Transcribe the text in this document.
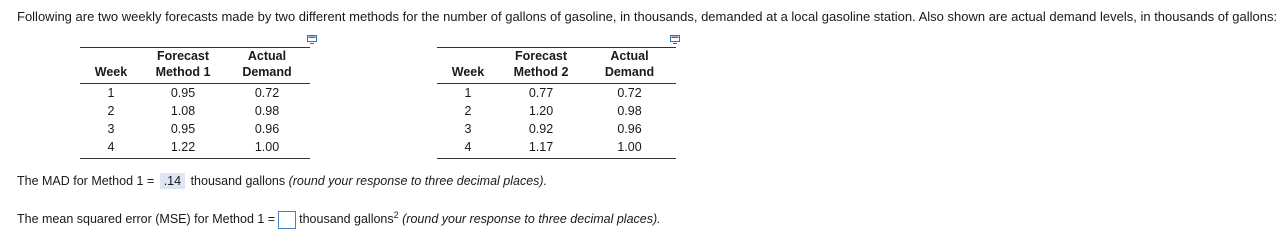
Following are two weekly forecasts made by two different methods for the number of gallons of gasoline, in thousands, demanded at a local gasoline station. Also shown are actual demand levels, in thousands of gallons:
	Forecast	Actual
Week	Method 1	Demand
1	0.95	0.72
2	1.08	0.98
3	0.95	0.96
4	1.22	1.00
	Forecast	Actual
Week	Method 2	Demand
1	0.77	0.72
2	1.20	0.98
3	0.92	0.96
4	1.17	1.00
The MAD for Method 1 = .14 thousand gallons (round your response to three decimal places).
The mean squared error (MSE) for Method 1 = thousand gallons$^2$ (round your response to three decimal places).
